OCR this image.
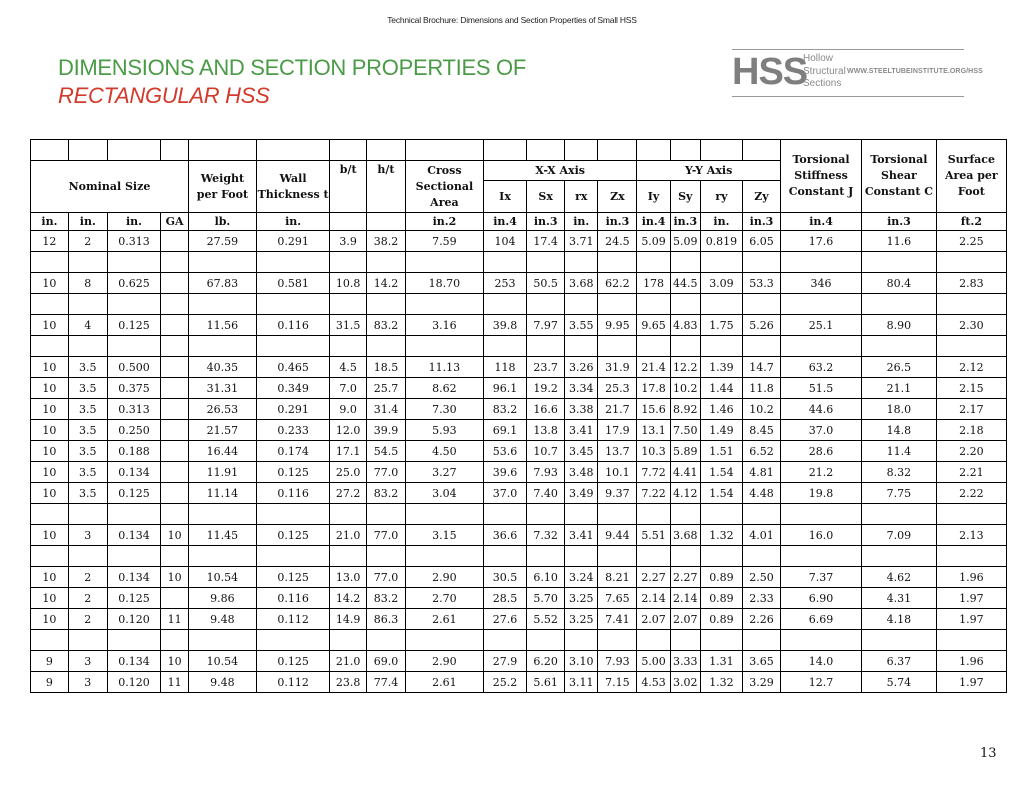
Technical Brochure: Dimensions and Section Properties of Small HSS
DIMENSIONS AND SECTION PROPERTIES OF
RECTANGULAR HSS
HSS
Hollow
Structural
Sections
WWW.STEELTUBEINSTITUTE.ORG/HSS
																	Torsional Stiffness Constant J	Torsional Shear Constant C	Surface Area per Foot
Nominal Size				Weight per Foot	Wall Thickness t	b/t	h/t	Cross Sectional Area	X-X Axis				Y-Y Axis						
									Ix	Sx	rx	Zx	Iy	Sy	ry	Zy			
in.	in.	in.	GA	lb.	in.			in.2	in.4	in.3	in.	in.3	in.4	in.3	in.	in.3	in.4	in.3	ft.2
12	2	0.313		27.59	0.291	3.9	38.2	7.59	104	17.4	3.71	24.5	5.09	5.09	0.819	6.05	17.6	11.6	2.25

10	8	0.625		67.83	0.581	10.8	14.2	18.70	253	50.5	3.68	62.2	178	44.5	3.09	53.3	346	80.4	2.83

10	4	0.125		11.56	0.116	31.5	83.2	3.16	39.8	7.97	3.55	9.95	9.65	4.83	1.75	5.26	25.1	8.90	2.30

10	3.5	0.500		40.35	0.465	4.5	18.5	11.13	118	23.7	3.26	31.9	21.4	12.2	1.39	14.7	63.2	26.5	2.12
10	3.5	0.375		31.31	0.349	7.0	25.7	8.62	96.1	19.2	3.34	25.3	17.8	10.2	1.44	11.8	51.5	21.1	2.15
10	3.5	0.313		26.53	0.291	9.0	31.4	7.30	83.2	16.6	3.38	21.7	15.6	8.92	1.46	10.2	44.6	18.0	2.17
10	3.5	0.250		21.57	0.233	12.0	39.9	5.93	69.1	13.8	3.41	17.9	13.1	7.50	1.49	8.45	37.0	14.8	2.18
10	3.5	0.188		16.44	0.174	17.1	54.5	4.50	53.6	10.7	3.45	13.7	10.3	5.89	1.51	6.52	28.6	11.4	2.20
10	3.5	0.134		11.91	0.125	25.0	77.0	3.27	39.6	7.93	3.48	10.1	7.72	4.41	1.54	4.81	21.2	8.32	2.21
10	3.5	0.125		11.14	0.116	27.2	83.2	3.04	37.0	7.40	3.49	9.37	7.22	4.12	1.54	4.48	19.8	7.75	2.22

10	3	0.134	10	11.45	0.125	21.0	77.0	3.15	36.6	7.32	3.41	9.44	5.51	3.68	1.32	4.01	16.0	7.09	2.13

10	2	0.134	10	10.54	0.125	13.0	77.0	2.90	30.5	6.10	3.24	8.21	2.27	2.27	0.89	2.50	7.37	4.62	1.96
10	2	0.125		9.86	0.116	14.2	83.2	2.70	28.5	5.70	3.25	7.65	2.14	2.14	0.89	2.33	6.90	4.31	1.97
10	2	0.120	11	9.48	0.112	14.9	86.3	2.61	27.6	5.52	3.25	7.41	2.07	2.07	0.89	2.26	6.69	4.18	1.97

9	3	0.134	10	10.54	0.125	21.0	69.0	2.90	27.9	6.20	3.10	7.93	5.00	3.33	1.31	3.65	14.0	6.37	1.96
9	3	0.120	11	9.48	0.112	23.8	77.4	2.61	25.2	5.61	3.11	7.15	4.53	3.02	1.32	3.29	12.7	5.74	1.97
13
